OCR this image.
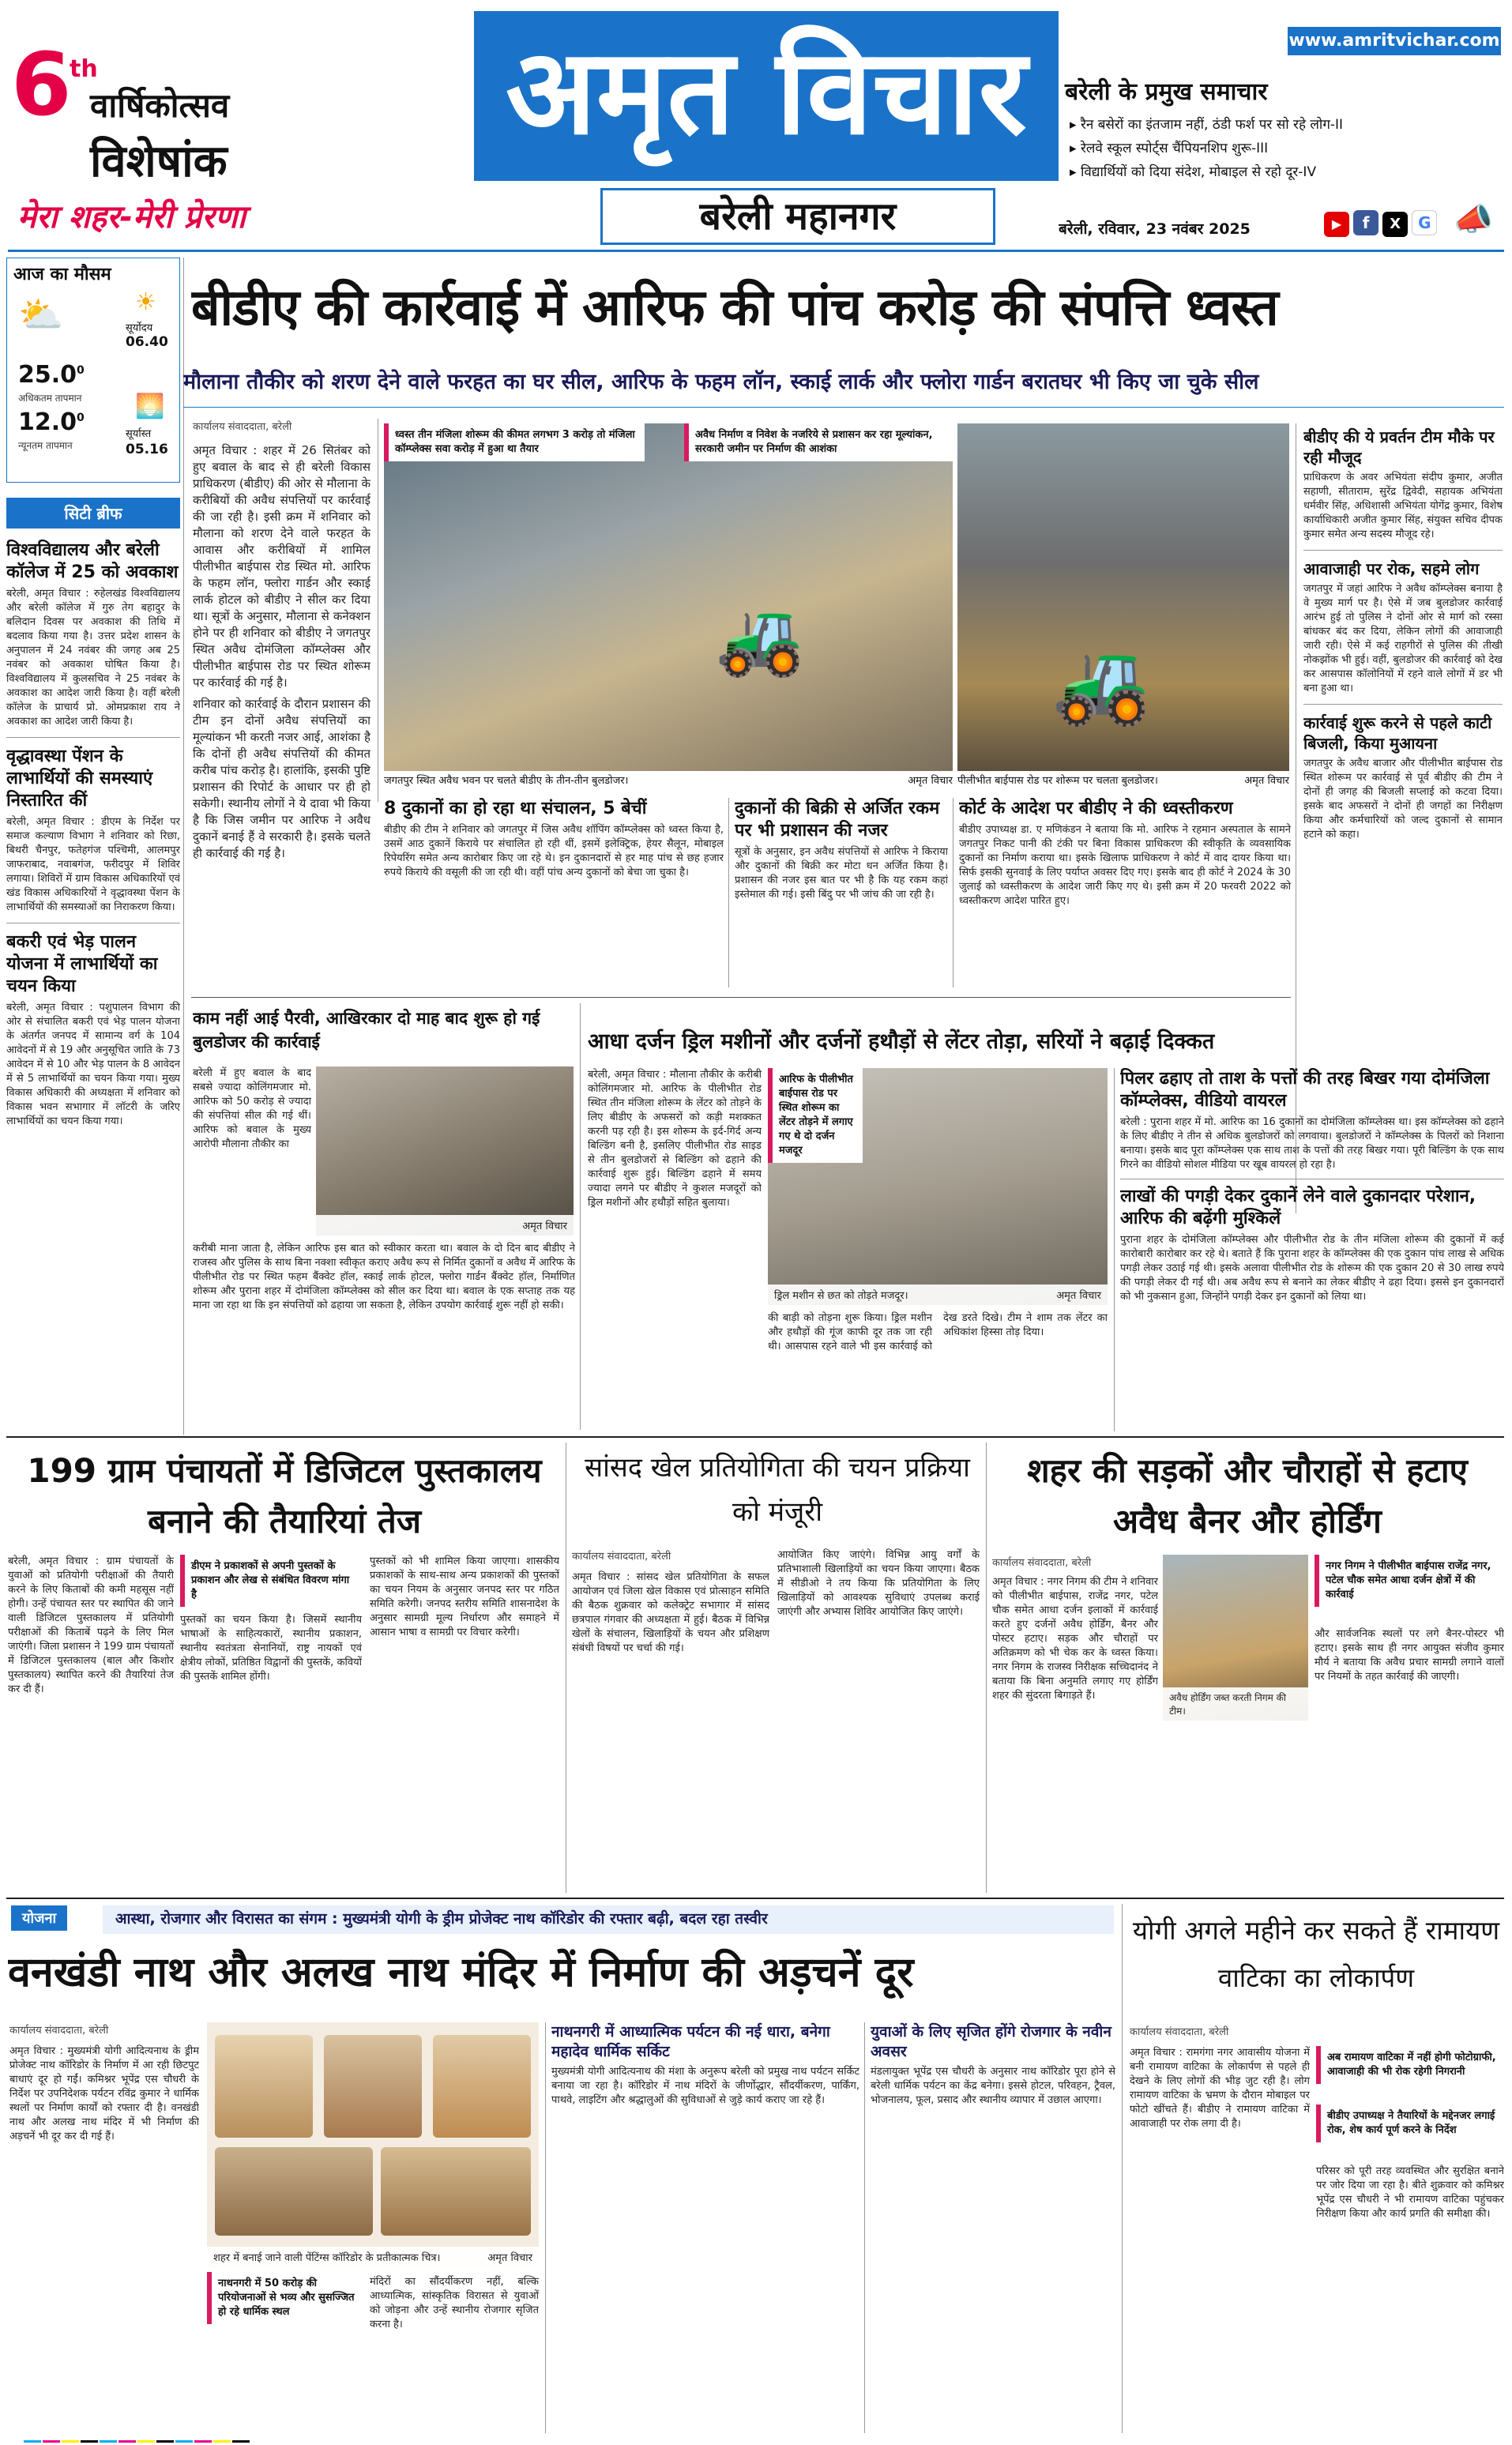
6
th
वार्षिकोत्सव
विशेषांक
मेरा शहर-मेरी प्रेरणा
अमृत विचार
बरेली महानगर
www.amritvichar.com
बरेली के प्रमुख समाचार
▸ रैन बसेरों का इंतजाम नहीं, ठंडी फर्श पर सो रहे लोग-II
▸ रेलवे स्कूल स्पोर्ट्स चैंपियनशिप शुरू-III
▸ विद्यार्थियों को दिया संदेश, मोबाइल से रहो दूर-IV
बरेली, रविवार, 23 नवंबर 2025	▶ f X G 📣
आज का मौसम
⛅	☀
सूर्योदय
06.40
25.0$^0$
अधिकतम तापमान
12.0$^0$
न्यूनतम तापमान
🌅
सूर्यास्त
05.16
सिटी ब्रीफ
विश्वविद्यालय और बरेली कॉलेज में 25 को अवकाश
बरेली, अमृत विचार : रुहेलखंड विश्वविद्यालय और बरेली कॉलेज में गुरु तेग बहादुर के बलिदान दिवस पर अवकाश की तिथि में बदलाव किया गया है। उत्तर प्रदेश शासन के अनुपालन में 24 नवंबर की जगह अब 25 नवंबर को अवकाश घोषित किया है। विश्वविद्यालय में कुलसचिव ने 25 नवंबर के अवकाश का आदेश जारी किया है। वहीं बरेली कॉलेज के प्राचार्य प्रो. ओमप्रकाश राय ने अवकाश का आदेश जारी किया है।
वृद्धावस्था पेंशन के लाभार्थियों की समस्याएं निस्तारित कीं
बरेली, अमृत विचार : डीएम के निर्देश पर समाज कल्याण विभाग ने शनिवार को रिछा, बिथरी चैनपुर, फतेहगंज पश्चिमी, आलमपुर जाफराबाद, नवाबगंज, फरीदपुर में शिविर लगाया। शिविरों में ग्राम विकास अधिकारियों एवं खंड विकास अधिकारियों ने वृद्धावस्था पेंशन के लाभार्थियों की समस्याओं का निराकरण किया।
बकरी एवं भेड़ पालन योजना में लाभार्थियों का चयन किया
बरेली, अमृत विचार : पशुपालन विभाग की ओर से संचालित बकरी एवं भेड़ पालन योजना के अंतर्गत जनपद में सामान्य वर्ग के 104 आवेदनों में से 19 और अनुसूचित जाति के 73 आवेदन में से 10 और भेड़ पालन के 8 आवेदन में से 5 लाभार्थियों का चयन किया गया। मुख्य विकास अधिकारी की अध्यक्षता में शनिवार को विकास भवन सभागार में लॉटरी के जरिए लाभार्थियों का चयन किया गया।
बीडीए की कार्रवाई में आरिफ की पांच करोड़ की संपत्ति ध्वस्त
मौलाना तौकीर को शरण देने वाले फरहत का घर सील, आरिफ के फहम लॉन, स्काई लार्क और फ्लोरा गार्डन बरातघर भी किए जा चुके सील
कार्यालय संवाददाता, बरेली

अमृत विचार : शहर में 26 सितंबर को हुए बवाल के बाद से ही बरेली विकास प्राधिकरण (बीडीए) की ओर से मौलाना के करीबियों की अवैध संपत्तियों पर कार्रवाई की जा रही है। इसी क्रम में शनिवार को मौलाना को शरण देने वाले फरहत के आवास और करीबियों में शामिल पीलीभीत बाईपास रोड स्थित मो. आरिफ के फहम लॉन, फ्लोरा गार्डन और स्काई लार्क होटल को बीडीए ने सील कर दिया था। सूत्रों के अनुसार, मौलाना से कनेक्शन होने पर ही शनिवार को बीडीए ने जगतपुर स्थित अवैध दोमंजिला कॉम्प्लेक्स और पीलीभीत बाईपास रोड पर स्थित शोरूम पर कार्रवाई की गई है।

शनिवार को कार्रवाई के दौरान प्रशासन की टीम इन दोनों अवैध संपत्तियों का मूल्यांकन भी करती नजर आई, आशंका है कि दोनों ही अवैध संपत्तियों की कीमत करीब पांच करोड़ है। हालांकि, इसकी पुष्टि प्रशासन की रिपोर्ट के आधार पर ही हो सकेगी। स्थानीय लोगों ने ये दावा भी किया है कि जिस जमीन पर आरिफ ने अवैध दुकानें बनाई हैं वे सरकारी है। इसके चलते ही कार्रवाई की गई है।

ध्वस्त तीन मंजिला शोरूम की कीमत लगभग 3 करोड़ तो मंजिला कॉम्प्लेक्स सवा करोड़ में हुआ था तैयार
🚜
जगतपुर स्थित अवैध भवन पर चलते बीडीए के तीन-तीन बुलडोजर।	अमृत विचार
🚜
अवैध निर्माण व निवेश के नजरिये से प्रशासन कर रहा मूल्यांकन, सरकारी जमीन पर निर्माण की आशंका
पीलीभीत बाईपास रोड पर शोरूम पर चलता बुलडोजर।	अमृत विचार
बीडीए की ये प्रवर्तन टीम मौके पर रही मौजूद
प्राधिकरण के अवर अभियंता संदीप कुमार, अजीत सहाणी, सीताराम, सुरेंद्र द्विवेदी, सहायक अभियंता धर्मवीर सिंह, अधिशासी अभियंता योगेंद्र कुमार, विशेष कार्याधिकारी अजीत कुमार सिंह, संयुक्त सचिव दीपक कुमार समेत अन्य सदस्य मौजूद रहे।
आवाजाही पर रोक, सहमे लोग
जगतपुर में जहां आरिफ ने अवैध कॉम्प्लेक्स बनाया है वे मुख्य मार्ग पर है। ऐसे में जब बुलडोजर कार्रवाई आरंभ हुई तो पुलिस ने दोनों ओर से मार्ग को रस्सा बांधकर बंद कर दिया, लेकिन लोगों की आवाजाही जारी रही। ऐसे में कई राहगीरों से पुलिस की तीखी नोकझोंक भी हुई। वहीं, बुलडोजर की कार्रवाई को देख कर आसपास कॉलोनियों में रहने वाले लोगों में डर भी बना हुआ था।
कार्रवाई शुरू करने से पहले काटी बिजली, किया मुआयना
जगतपुर के अवैध बाजार और पीलीभीत बाईपास रोड स्थित शोरूम पर कार्रवाई से पूर्व बीडीए की टीम ने दोनों ही जगह की बिजली सप्लाई को कटवा दिया। इसके बाद अफसरों ने दोनों ही जगहों का निरीक्षण किया और कर्मचारियों को जल्द दुकानों से सामान हटाने को कहा।
8 दुकानों का हो रहा था संचालन, 5 बेचीं
बीडीए की टीम ने शनिवार को जगतपुर में जिस अवैध शॉपिंग कॉम्प्लेक्स को ध्वस्त किया है, उसमें आठ दुकानें किराये पर संचालित हो रही थीं, इसमें इलेक्ट्रिक, हेयर सैलून, मोबाइल रिपेयरिंग समेत अन्य कारोबार किए जा रहे थे। इन दुकानदारों से हर माह पांच से छह हजार रुपये किराये की वसूली की जा रही थी। वहीं पांच अन्य दुकानों को बेचा जा चुका है।
दुकानों की बिक्री से अर्जित रकम पर भी प्रशासन की नजर
सूत्रों के अनुसार, इन अवैध संपत्तियों से आरिफ ने किराया और दुकानों की बिक्री कर मोटा धन अर्जित किया है। प्रशासन की नजर इस बात पर भी है कि यह रकम कहां इस्तेमाल की गई। इसी बिंदु पर भी जांच की जा रही है।
कोर्ट के आदेश पर बीडीए ने की ध्वस्तीकरण
बीडीए उपाध्यक्ष डा. ए मणिकंडन ने बताया कि मो. आरिफ ने रहमान अस्पताल के सामने जगतपुर निकट पानी की टंकी पर बिना विकास प्राधिकरण की स्वीकृति के व्यवसायिक दुकानों का निर्माण कराया था। इसके खिलाफ प्राधिकरण ने कोर्ट में वाद दायर किया था। सिर्फ इसकी सुनवाई के लिए पर्याप्त अवसर दिए गए। इसके बाद ही कोर्ट ने 2024 के 30 जुलाई को ध्वस्तीकरण के आदेश जारी किए गए थे। इसी क्रम में 20 फरवरी 2022 को ध्वस्तीकरण आदेश पारित हुए।
काम नहीं आई पैरवी, आखिरकार दो माह बाद शुरू हो गई बुलडोजर की कार्रवाई
बरेली में हुए बवाल के बाद सबसे ज्यादा कोलिंगमजार मो. आरिफ को 50 करोड़ से ज्यादा की संपत्तियां सील की गई थीं। आरिफ को बवाल के मुख्य आरोपी मौलाना तौकीर का
अमृत विचार
करीबी माना जाता है, लेकिन आरिफ इस बात को स्वीकार करता था। बवाल के दो दिन बाद बीडीए ने राजस्व और पुलिस के साथ बिना नक्शा स्वीकृत कराए अवैध रूप से निर्मित दुकानों व अवैध में आरिफ के पीलीभीत रोड पर स्थित फहम बैंक्वेट हॉल, स्काई लार्क होटल, फ्लोरा गार्डन बैंक्वेट हॉल, निर्माणित शोरूम और पुराना शहर में दोमंजिला कॉम्प्लेक्स को सील कर दिया था। बवाल के एक सप्ताह तक यह माना जा रहा था कि इन संपत्तियों को ढहाया जा सकता है, लेकिन उपयोग कार्रवाई शुरू नहीं हो सकी।
आधा दर्जन ड्रिल मशीनों और दर्जनों हथौड़ों से लेंटर तोड़ा, सरियों ने बढ़ाई दिक्कत
बरेली, अमृत विचार : मौलाना तौकीर के करीबी कोलिंगमजार मो. आरिफ के पीलीभीत रोड स्थित तीन मंजिला शोरूम के लेंटर को तोड़ने के लिए बीडीए के अफसरों को कड़ी मशक्कत करनी पड़ रही है। इस शोरूम के इर्द-गिर्द अन्य बिल्डिंग बनी है, इसलिए पीलीभीत रोड साइड से तीन बुलडोजरों से बिल्डिंग को ढहाने की कार्रवाई शुरू हुई। बिल्डिंग ढहाने में समय ज्यादा लगने पर बीडीए ने कुशल मजदूरों को ड्रिल मशीनों और हथौड़ों सहित बुलाया।
आरिफ के पीलीभीत बाईपास रोड पर स्थित शोरूम का लेंटर तोड़ने में लगाए गए थे दो दर्जन मजदूर
ड्रिल मशीन से छत को तोड़ते मजदूर।	अमृत विचार
की बाड़ी को तोड़ना शुरू किया। ड्रिल मशीन और हथौड़ों की गूंज काफी दूर तक जा रही थी। आसपास रहने वाले भी इस कार्रवाई को देख डरते दिखे। टीम ने शाम तक लेंटर का अधिकांश हिस्सा तोड़ दिया।
पिलर ढहाए तो ताश के पत्तों की तरह बिखर गया दोमंजिला कॉम्प्लेक्स, वीडियो वायरल
बरेली : पुराना शहर में मो. आरिफ का 16 दुकानों का दोमंजिला कॉम्प्लेक्स था। इस कॉम्प्लेक्स को ढहाने के लिए बीडीए ने तीन से अधिक बुलडोजरों को लगवाया। बुलडोजरों ने कॉम्प्लेक्स के पिलरों को निशाना बनाया। इसके बाद पूरा कॉम्प्लेक्स एक साथ ताश के पत्तों की तरह बिखर गया। पूरी बिल्डिंग के एक साथ गिरने का वीडियो सोशल मीडिया पर खूब वायरल हो रहा है।
लाखों की पगड़ी देकर दुकानें लेने वाले दुकानदार परेशान, आरिफ की बढ़ेंगी मुश्किलें
पुराना शहर के दोमंजिला कॉम्प्लेक्स और पीलीभीत रोड के तीन मंजिला शोरूम की दुकानों में कई कारोबारी कारोबार कर रहे थे। बताते हैं कि पुराना शहर के कॉम्प्लेक्स की एक दुकान पांच लाख से अधिक पगड़ी लेकर उठाई गई थी। इसके अलावा पीलीभीत रोड के शोरूम की एक दुकान 20 से 30 लाख रुपये की पगड़ी लेकर दी गई थी। अब अवैध रूप से बनाने का लेकर बीडीए ने ढहा दिया। इससे इन दुकानदारों को भी नुकसान हुआ, जिन्होंने पगड़ी देकर इन दुकानों को लिया था।
199 ग्राम पंचायतों में डिजिटल पुस्तकालय बनाने की तैयारियां तेज
बरेली, अमृत विचार : ग्राम पंचायतों के युवाओं को प्रतियोगी परीक्षाओं की तैयारी करने के लिए किताबों की कमी महसूस नहीं होगी। उन्हें पंचायत स्तर पर स्थापित की जाने वाली डिजिटल पुस्तकालय में प्रतियोगी परीक्षाओं की किताबें पढ़ने के लिए मिल जाएंगी। जिला प्रशासन ने 199 ग्राम पंचायतों में डिजिटल पुस्तकालय (बाल और किशोर पुस्तकालय) स्थापित करने की तैयारियां तेज कर दी हैं।
डीएम ने प्रकाशकों से अपनी पुस्तकों के प्रकाशन और लेख से संबंधित विवरण मांगा है
पुस्तकों का चयन किया है। जिसमें स्थानीय भाषाओं के साहित्यकारों, स्थानीय प्रकाशन, स्थानीय स्वतंत्रता सेनानियों, राष्ट्र नायकों एवं क्षेत्रीय लोकों, प्रतिष्ठित विद्वानों की पुस्तकें, कवियों की पुस्तकें शामिल होंगी।
पुस्तकों को भी शामिल किया जाएगा। शासकीय प्रकाशकों के साथ-साथ अन्य प्रकाशकों की पुस्तकों का चयन नियम के अनुसार जनपद स्तर पर गठित समिति करेगी। जनपद स्तरीय समिति शासनादेश के अनुसार सामग्री मूल्य निर्धारण और समाहने में आसान भाषा व सामग्री पर विचार करेगी।
सांसद खेल प्रतियोगिता की चयन प्रक्रिया को मंजूरी
कार्यालय संवाददाता, बरेली
अमृत विचार : सांसद खेल प्रतियोगिता के सफल आयोजन एवं जिला खेल विकास एवं प्रोत्साहन समिति की बैठक शुक्रवार को कलेक्ट्रेट सभागार में सांसद छत्रपाल गंगवार की अध्यक्षता में हुई। बैठक में विभिन्न खेलों के संचालन, खिलाड़ियों के चयन और प्रशिक्षण संबंधी विषयों पर चर्चा की गई।
आयोजित किए जाएंगे। विभिन्न आयु वर्गों के प्रतिभाशाली खिलाड़ियों का चयन किया जाएगा। बैठक में सीडीओ ने तय किया कि प्रतियोगिता के लिए खिलाड़ियों को आवश्यक सुविधाएं उपलब्ध कराई जाएंगी और अभ्यास शिविर आयोजित किए जाएंगे।
शहर की सड़कों और चौराहों से हटाए अवैध बैनर और होर्डिंग
कार्यालय संवाददाता, बरेली
अमृत विचार : नगर निगम की टीम ने शनिवार को पीलीभीत बाईपास, राजेंद्र नगर, पटेल चौक समेत आधा दर्जन इलाकों में कार्रवाई करते हुए दर्जनों अवैध होर्डिंग, बैनर और पोस्टर हटाए। सड़क और चौराहों पर अतिक्रमण को भी चेक कर के ध्वस्त किया। नगर निगम के राजस्व निरीक्षक सच्चिदानंद ने बताया कि बिना अनुमति लगाए गए होर्डिंग शहर की सुंदरता बिगाड़ते हैं।	अवैध होर्डिंग जब्त करती निगम की टीम।
नगर निगम ने पीलीभीत बाईपास राजेंद्र नगर, पटेल चौक समेत आधा दर्जन क्षेत्रों में की कार्रवाई
और सार्वजनिक स्थलों पर लगे बैनर-पोस्टर भी हटाए। इसके साथ ही नगर आयुक्त संजीव कुमार मौर्य ने बताया कि अवैध प्रचार सामग्री लगाने वालों पर नियमों के तहत कार्रवाई की जाएगी।
योजना	आस्था, रोजगार और विरासत का संगम : मुख्यमंत्री योगी के ड्रीम प्रोजेक्ट नाथ कॉरिडोर की रफ्तार बढ़ी, बदल रहा तस्वीर
वनखंडी नाथ और अलख नाथ मंदिर में निर्माण की अड़चनें दूर
कार्यालय संवाददाता, बरेली
अमृत विचार : मुख्यमंत्री योगी आदित्यनाथ के ड्रीम प्रोजेक्ट नाथ कॉरिडोर के निर्माण में आ रही छिटपुट बाधाएं दूर हो गईं। कमिश्नर भूपेंद्र एस चौधरी के निर्देश पर उपनिदेशक पर्यटन रविंद्र कुमार ने धार्मिक स्थलों पर निर्माण कार्यों को रफ्तार दी है। वनखंडी नाथ और अलख नाथ मंदिर में भी निर्माण की अड़चनें भी दूर कर दी गई हैं।
शहर में बनाई जाने वाली पेंटिंग्स कॉरिडोर के प्रतीकात्मक चित्र।	अमृत विचार
नाथनगरी में 50 करोड़ की परियोजनाओं से भव्य और सुसज्जित हो रहे धार्मिक स्थल
मंदिरों का सौंदर्यीकरण नहीं, बल्कि आध्यात्मिक, सांस्कृतिक विरासत से युवाओं को जोड़ना और उन्हें स्थानीय रोजगार सृजित करना है।
नाथनगरी में आध्यात्मिक पर्यटन की नई धारा, बनेगा महादेव धार्मिक सर्किट
मुख्यमंत्री योगी आदित्यनाथ की मंशा के अनुरूप बरेली को प्रमुख नाथ पर्यटन सर्किट बनाया जा रहा है। कॉरिडोर में नाथ मंदिरों के जीर्णोद्धार, सौंदर्यीकरण, पार्किंग, पाथवे, लाइटिंग और श्रद्धालुओं की सुविधाओं से जुड़े कार्य कराए जा रहे हैं।
युवाओं के लिए सृजित होंगे रोजगार के नवीन अवसर
मंडलायुक्त भूपेंद्र एस चौधरी के अनुसार नाथ कॉरिडोर पूरा होने से बरेली धार्मिक पर्यटन का केंद्र बनेगा। इससे होटल, परिवहन, ट्रैवल, भोजनालय, फूल, प्रसाद और स्थानीय व्यापार में उछाल आएगा।
योगी अगले महीने कर सकते हैं रामायण वाटिका का लोकार्पण
कार्यालय संवाददाता, बरेली
अमृत विचार : रामगंगा नगर आवासीय योजना में बनी रामायण वाटिका के लोकार्पण से पहले ही देखने के लिए लोगों की भीड़ जुट रही है। लोग रामायण वाटिका के भ्रमण के दौरान मोबाइल पर फोटो खींचते हैं। बीडीए ने रामायण वाटिका में आवाजाही पर रोक लगा दी है।
अब रामायण वाटिका में नहीं होगी फोटोग्राफी, आवाजाही की भी रोक रहेगी निगरानी
बीडीए उपाध्यक्ष ने तैयारियों के मद्देनजर लगाई रोक, शेष कार्य पूर्ण करने के निर्देश
परिसर को पूरी तरह व्यवस्थित और सुरक्षित बनाने पर जोर दिया जा रहा है। बीते शुक्रवार को कमिश्नर भूपेंद्र एस चौधरी ने भी रामायण वाटिका पहुंचकर निरीक्षण किया और कार्य प्रगति की समीक्षा की।
